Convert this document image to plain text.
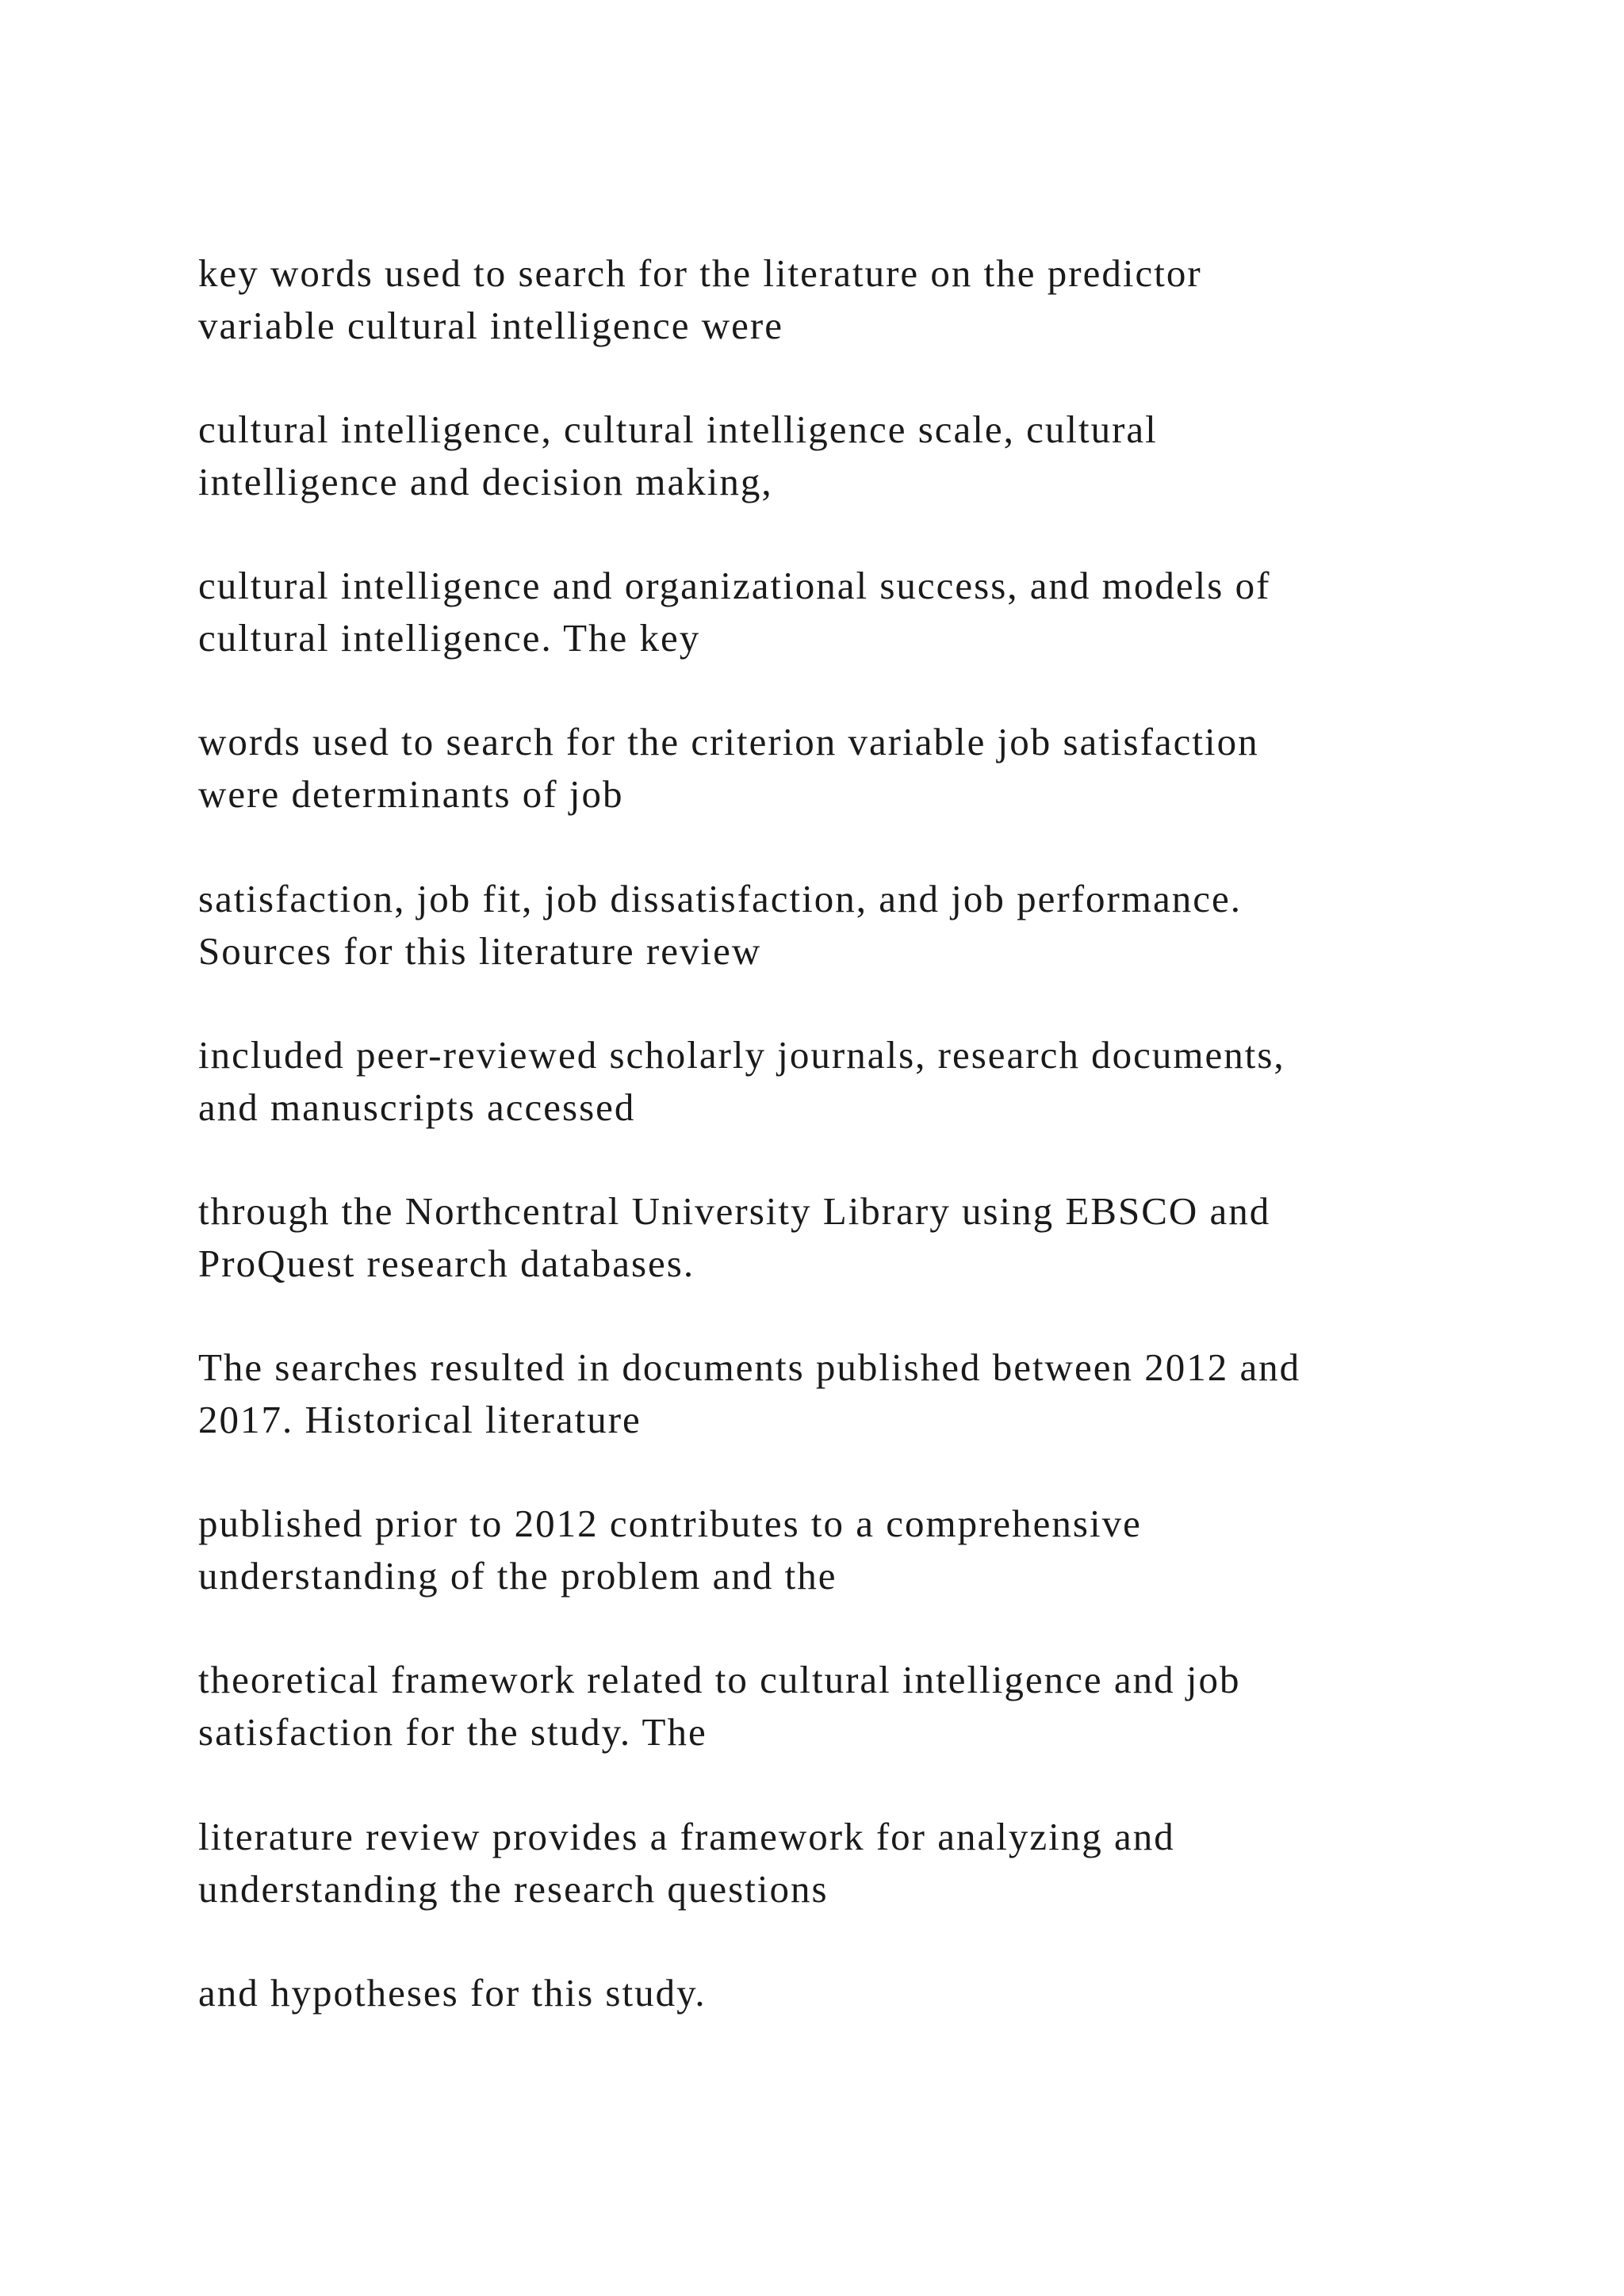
key words used to search for the literature on the predictor
variable cultural intelligence were

cultural intelligence, cultural intelligence scale, cultural
intelligence and decision making,

cultural intelligence and organizational success, and models of
cultural intelligence. The key

words used to search for the criterion variable job satisfaction
were determinants of job

satisfaction, job fit, job dissatisfaction, and job performance.
Sources for this literature review

included peer-reviewed scholarly journals, research documents,
and manuscripts accessed

through the Northcentral University Library using EBSCO and
ProQuest research databases.

The searches resulted in documents published between 2012 and
2017. Historical literature

published prior to 2012 contributes to a comprehensive
understanding of the problem and the

theoretical framework related to cultural intelligence and job
satisfaction for the study. The

literature review provides a framework for analyzing and
understanding the research questions

and hypotheses for this study.
